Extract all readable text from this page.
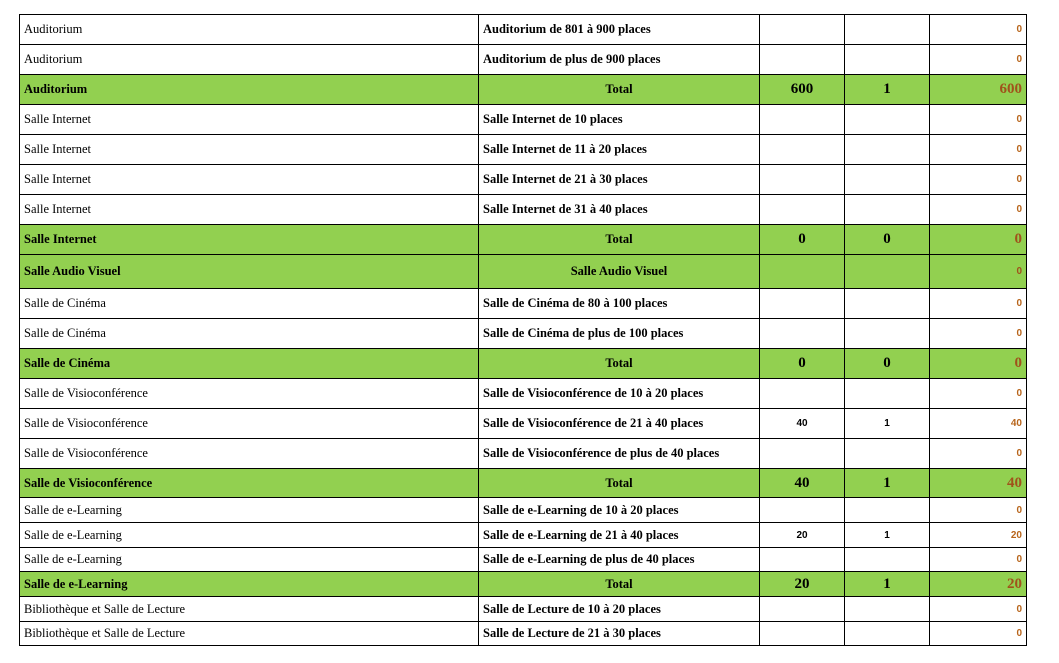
Auditorium	Auditorium de 801 à 900 places			0
Auditorium	Auditorium de plus de 900 places			0
Auditorium	Total	600	1	600
Salle Internet	Salle Internet de 10 places			0
Salle Internet	Salle Internet de 11 à 20 places			0
Salle Internet	Salle Internet de 21 à 30 places			0
Salle Internet	Salle Internet de 31 à 40 places			0
Salle Internet	Total	0	0	0
Salle Audio Visuel	Salle Audio Visuel			0
Salle de Cinéma	Salle de Cinéma de 80 à 100 places			0
Salle de Cinéma	Salle de Cinéma de plus de 100 places			0
Salle de Cinéma	Total	0	0	0
Salle de Visioconférence	Salle de Visioconférence de 10 à 20 places			0
Salle de Visioconférence	Salle de Visioconférence de 21 à 40 places	40	1	40
Salle de Visioconférence	Salle de Visioconférence de plus de 40 places			0
Salle de Visioconférence	Total	40	1	40
Salle de e-Learning	Salle de e-Learning de 10 à 20 places			0
Salle de e-Learning	Salle de e-Learning de 21 à 40 places	20	1	20
Salle de e-Learning	Salle de e-Learning de plus de 40 places			0
Salle de e-Learning	Total	20	1	20
Bibliothèque et Salle de Lecture	Salle de Lecture de 10 à 20 places			0
Bibliothèque et Salle de Lecture	Salle de Lecture de 21 à 30 places			0
